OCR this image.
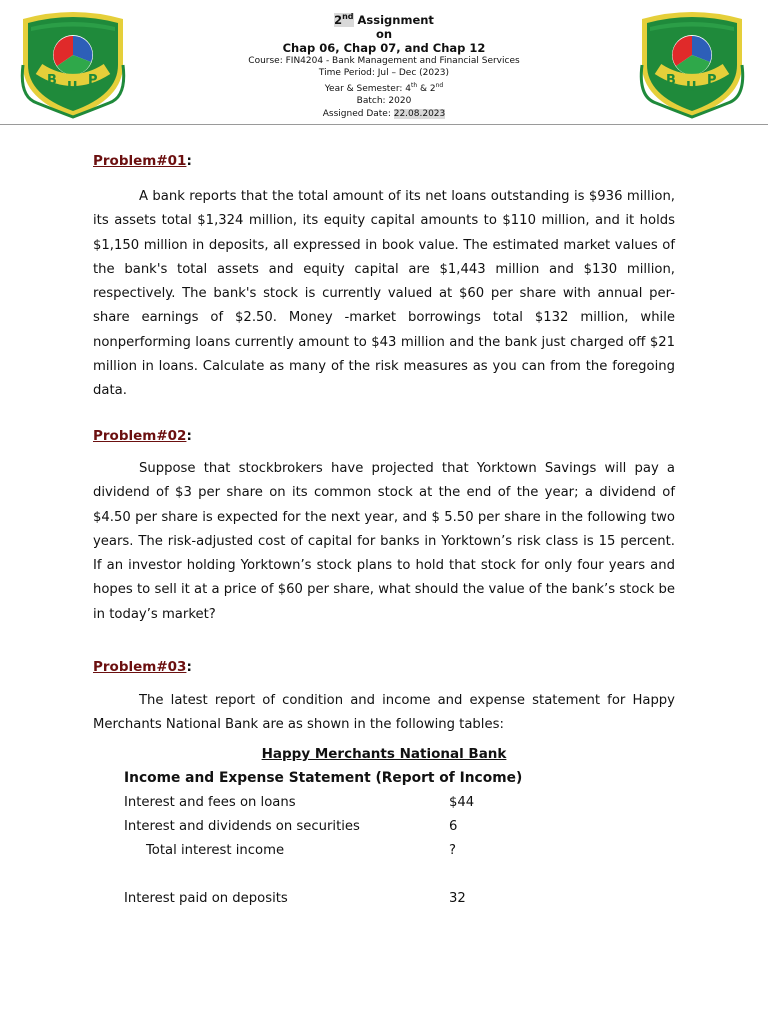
B U P	B U P
2nd Assignment
on
Chap 06, Chap 07, and Chap 12
Course: FIN4204 - Bank Management and Financial Services
Time Period: Jul – Dec (2023)
Year & Semester: 4th & 2nd
Batch: 2020
Assigned Date: 22.08.2023
Problem#01:

A bank reports that the total amount of its net loans outstanding is $936 million, its assets total $1,324 million, its equity capital amounts to $110 million, and it holds $1,150 million in deposits, all expressed in book value. The estimated market values of the bank's total assets and equity capital are $1,443 million and $130 million, respectively. The bank's stock is currently valued at $60 per share with annual per-share earnings of $2.50. Money -market borrowings total $132 million, while nonperforming loans currently amount to $43 million and the bank just charged off $21 million in loans. Calculate as many of the risk measures as you can from the foregoing data.

Problem#02:

Suppose that stockbrokers have projected that Yorktown Savings will pay a dividend of $3 per share on its common stock at the end of the year; a dividend of $4.50 per share is expected for the next year, and $ 5.50 per share in the following two years. The risk-adjusted cost of capital for banks in Yorktown’s risk class is 15 percent. If an investor holding Yorktown’s stock plans to hold that stock for only four years and hopes to sell it at a price of $60 per share, what should the value of the bank’s stock be in today’s market?

Problem#03:

The latest report of condition and income and expense statement for Happy Merchants National Bank are as shown in the following tables:

Happy Merchants National Bank
Income and Expense Statement (Report of Income)
Interest and fees on loans	$44
Interest and dividends on securities	6
Total interest income	?
Interest paid on deposits	32
